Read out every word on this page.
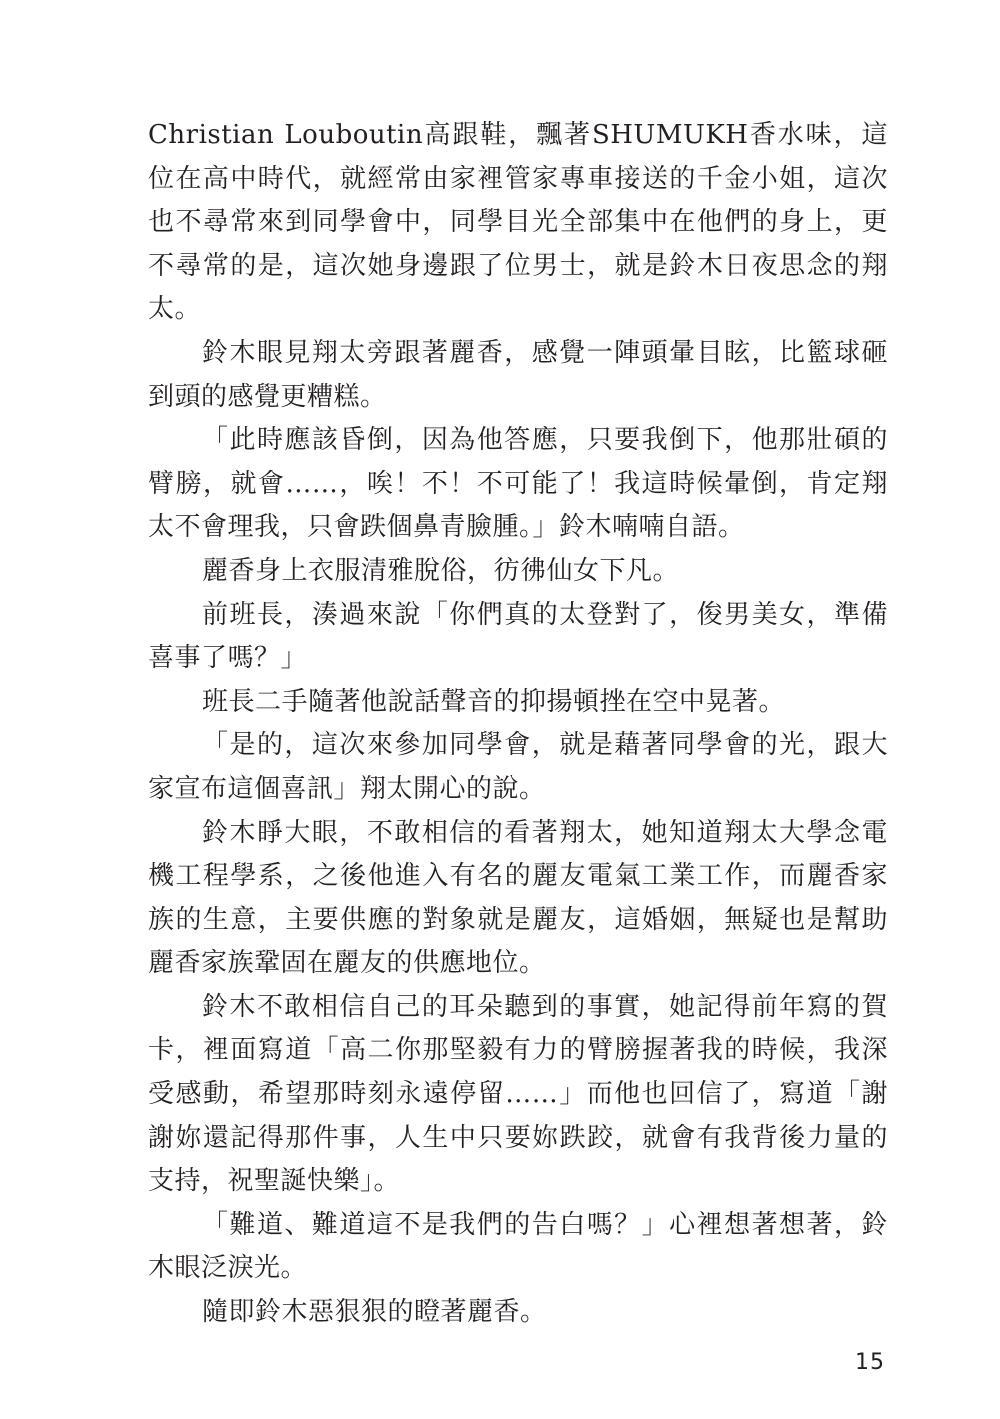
Christian Louboutin高跟鞋，飄著SHUMUKH香水味，這位在高中時代，就經常由家裡管家專車接送的千金小姐，這次也不尋常來到同學會中，同學目光全部集中在他們的身上，更不尋常的是，這次她身邊跟了位男士，就是鈴木日夜思念的翔太。

鈴木眼見翔太旁跟著麗香，感覺一陣頭暈目眩，比籃球砸到頭的感覺更糟糕。

「此時應該昏倒，因為他答應，只要我倒下，他那壯碩的臂膀，就會……，唉！不！不可能了！我這時候暈倒，肯定翔太不會理我，只會跌個鼻青臉腫。」鈴木喃喃自語。

麗香身上衣服清雅脫俗，彷彿仙女下凡。

前班長，湊過來說「你們真的太登對了，俊男美女，準備喜事了嗎？」

班長二手隨著他說話聲音的抑揚頓挫在空中晃著。

「是的，這次來參加同學會，就是藉著同學會的光，跟大家宣布這個喜訊」翔太開心的說。

鈴木睜大眼，不敢相信的看著翔太，她知道翔太大學念電機工程學系，之後他進入有名的麗友電氣工業工作，而麗香家族的生意，主要供應的對象就是麗友，這婚姻，無疑也是幫助麗香家族鞏固在麗友的供應地位。

鈴木不敢相信自己的耳朵聽到的事實，她記得前年寫的賀卡，裡面寫道「高二你那堅毅有力的臂膀握著我的時候，我深受感動，希望那時刻永遠停留……」而他也回信了，寫道「謝謝妳還記得那件事，人生中只要妳跌跤，就會有我背後力量的支持，祝聖誕快樂」。

「難道、難道這不是我們的告白嗎？」心裡想著想著，鈴木眼泛淚光。

隨即鈴木惡狠狠的瞪著麗香。

15
